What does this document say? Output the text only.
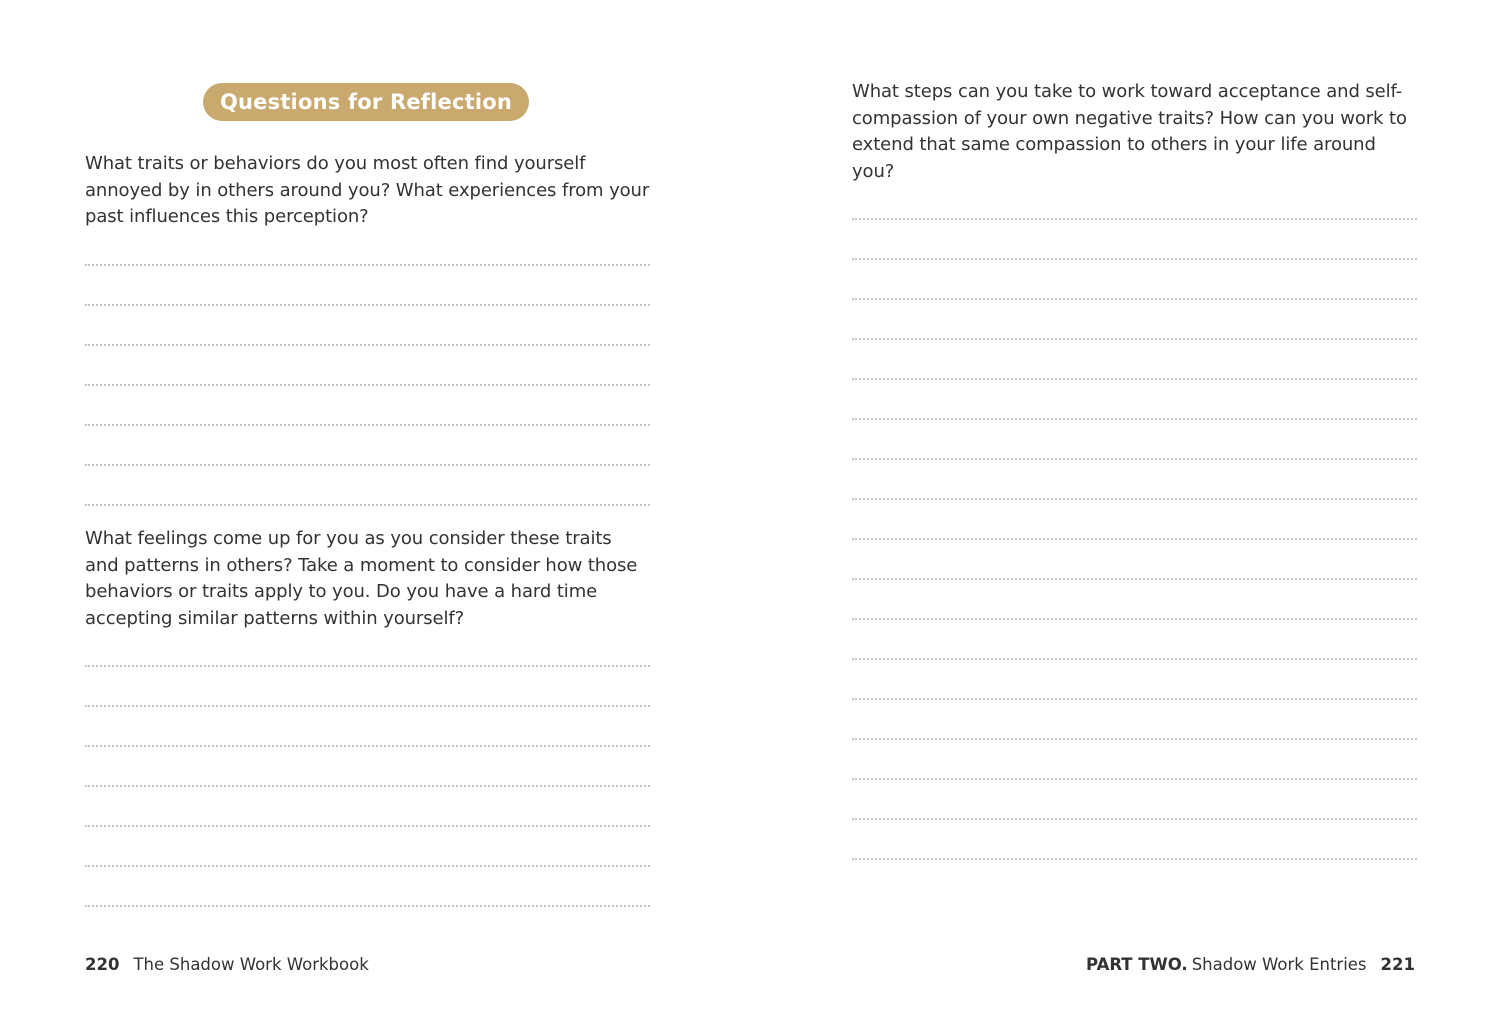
Questions for Reflection

What traits or behaviors do you most often find yourself annoyed by in others around you? What experiences from your past influences this perception?

What feelings come up for you as you consider these traits and patterns in others? Take a moment to consider how those behaviors or traits apply to you. Do you have a hard time accepting similar patterns within yourself?

What steps can you take to work toward acceptance and self-compassion of your own negative traits? How can you work to extend that same compassion to others in your life around you?

220 The Shadow Work Workbook	PART TWO. Shadow Work Entries 221
